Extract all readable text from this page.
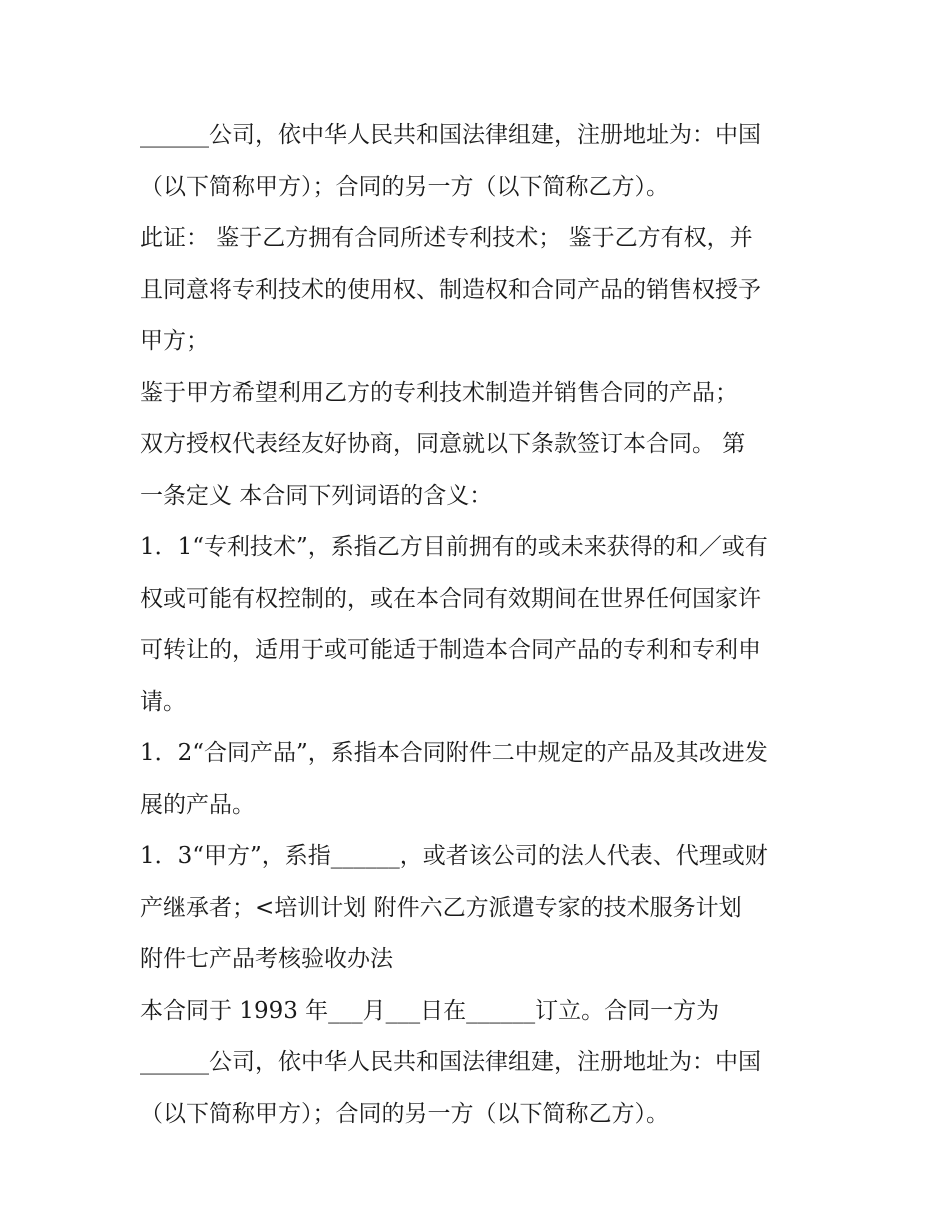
______公司，依中华人民共和国法律组建，注册地址为：中国
（以下简称甲方）；合同的另一方（以下简称乙方）。
此证： 鉴于乙方拥有合同所述专利技术； 鉴于乙方有权，并
且同意将专利技术的使用权、制造权和合同产品的销售权授予
甲方；
鉴于甲方希望利用乙方的专利技术制造并销售合同的产品；
双方授权代表经友好协商，同意就以下条款签订本合同。 第
一条定义 本合同下列词语的含义：
1．1“专利技术”，系指乙方目前拥有的或未来获得的和／或有
权或可能有权控制的，或在本合同有效期间在世界任何国家许
可转让的，适用于或可能适于制造本合同产品的专利和专利申
请。
1．2“合同产品”，系指本合同附件二中规定的产品及其改进发
展的产品。
1．3“甲方”，系指______，或者该公司的法人代表、代理或财
产继承者；<培训计划 附件六乙方派遣专家的技术服务计划
附件七产品考核验收办法
本合同于 1993 年___月___日在______订立。合同一方为
______公司，依中华人民共和国法律组建，注册地址为：中国
（以下简称甲方）；合同的另一方（以下简称乙方）。
